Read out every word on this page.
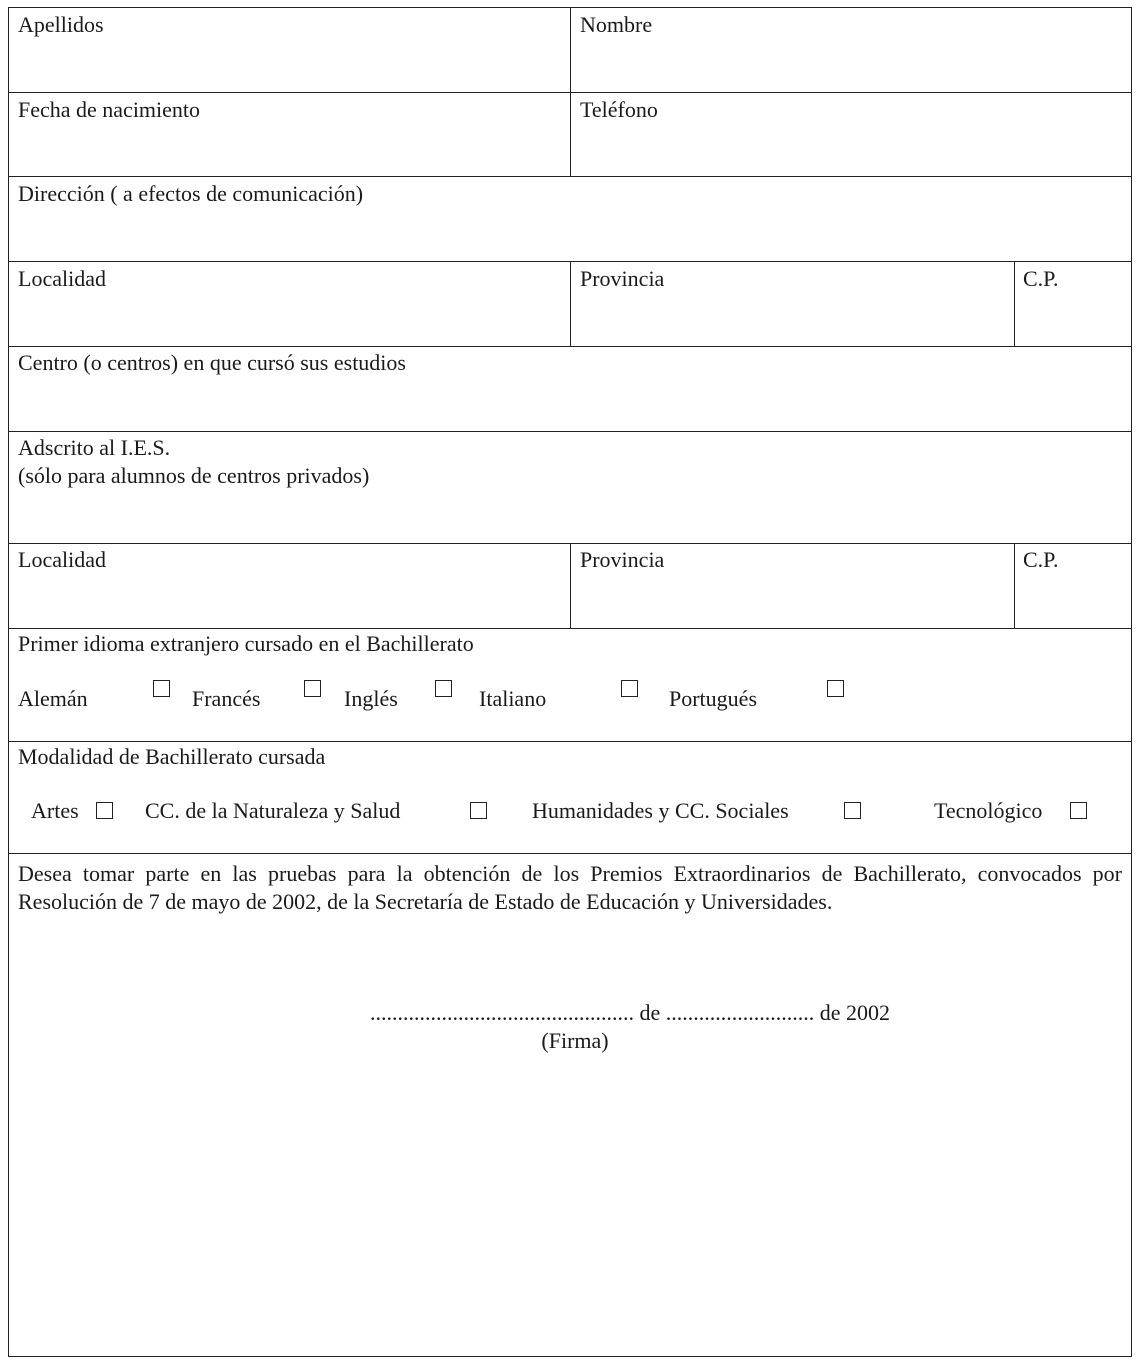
Apellidos	Nombre
Fecha de nacimiento	Teléfono
Dirección ( a efectos de comunicación)
Localidad	Provincia	C.P.
Centro (o centros) en que cursó sus estudios
Adscrito al I.E.S.
(sólo para alumnos de centros privados)
Localidad	Provincia	C.P.
Primer idioma extranjero cursado en el Bachillerato
Alemán	Francés	Inglés	Italiano	Portugués
Modalidad de Bachillerato cursada
Artes	CC. de la Naturaleza y Salud	Humanidades y CC. Sociales	Tecnológico
Desea tomar parte en las pruebas para la obtención de los Premios Extraordinarios de Bachillerato, convocados por Resolución de 7 de mayo de 2002, de la Secretaría de Estado de Educación y Universidades.
................................................ de ........................... de 2002
(Firma)
